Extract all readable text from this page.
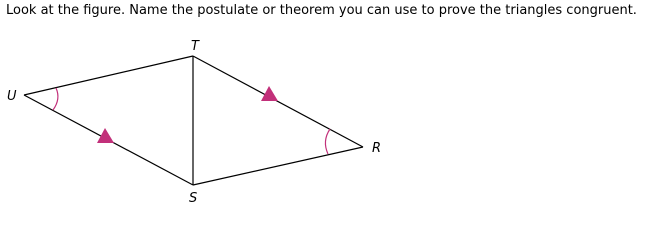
Look at the figure. Name the postulate or theorem you can use to prove the triangles congruent.
T
U
R
S
